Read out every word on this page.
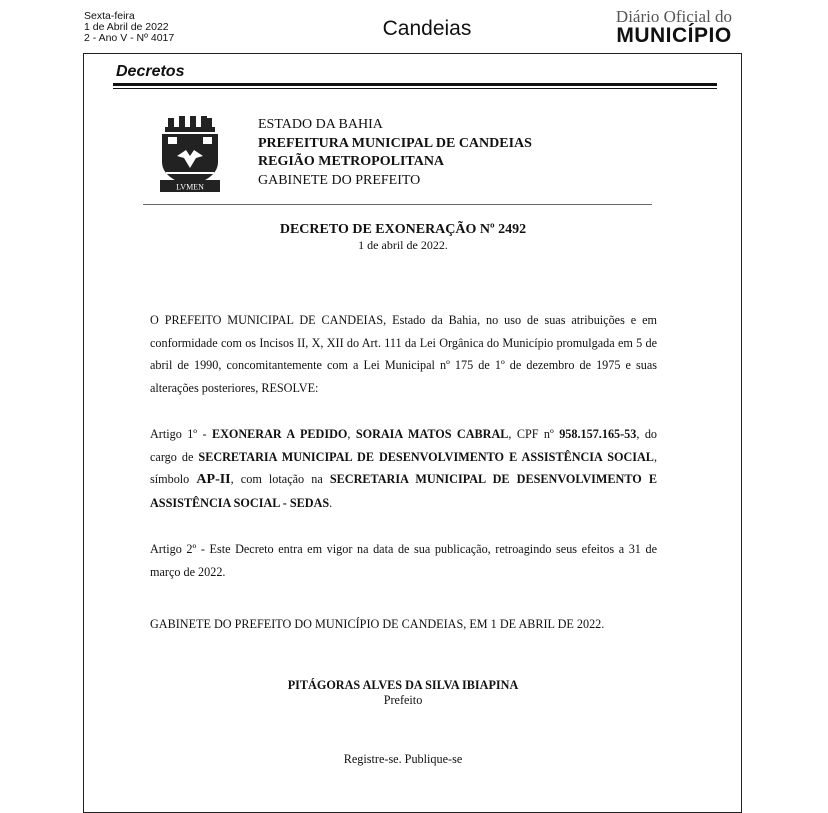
Sexta-feira
1 de Abril de 2022
2 - Ano V - Nº 4017	Candeias
Diário Oficial do
MUNICÍPIO
Decretos
LVMEN
ESTADO DA BAHIA
PREFEITURA MUNICIPAL DE CANDEIAS
REGIÃO METROPOLITANA
GABINETE DO PREFEITO
DECRETO DE EXONERAÇÃO Nº 2492
1 de abril de 2022.
O PREFEITO MUNICIPAL DE CANDEIAS, Estado da Bahia, no uso de suas atribuições e em conformidade com os Incisos II, X, XII do Art. 111 da Lei Orgânica do Município promulgada em 5 de abril de 1990, concomitantemente com a Lei Municipal nº 175 de 1º de dezembro de 1975 e suas alterações posteriores, RESOLVE:
Artigo 1º - EXONERAR A PEDIDO, SORAIA MATOS CABRAL, CPF nº 958.157.165-53, do cargo de SECRETARIA MUNICIPAL DE DESENVOLVIMENTO E ASSISTÊNCIA SOCIAL, símbolo AP-II, com lotação na SECRETARIA MUNICIPAL DE DESENVOLVIMENTO E ASSISTÊNCIA SOCIAL - SEDAS.
Artigo 2º - Este Decreto entra em vigor na data de sua publicação, retroagindo seus efeitos a 31 de março de 2022.
GABINETE DO PREFEITO DO MUNICÍPIO DE CANDEIAS, EM 1 DE ABRIL DE 2022.
PITÁGORAS ALVES DA SILVA IBIAPINA
Prefeito
Registre-se. Publique-se
